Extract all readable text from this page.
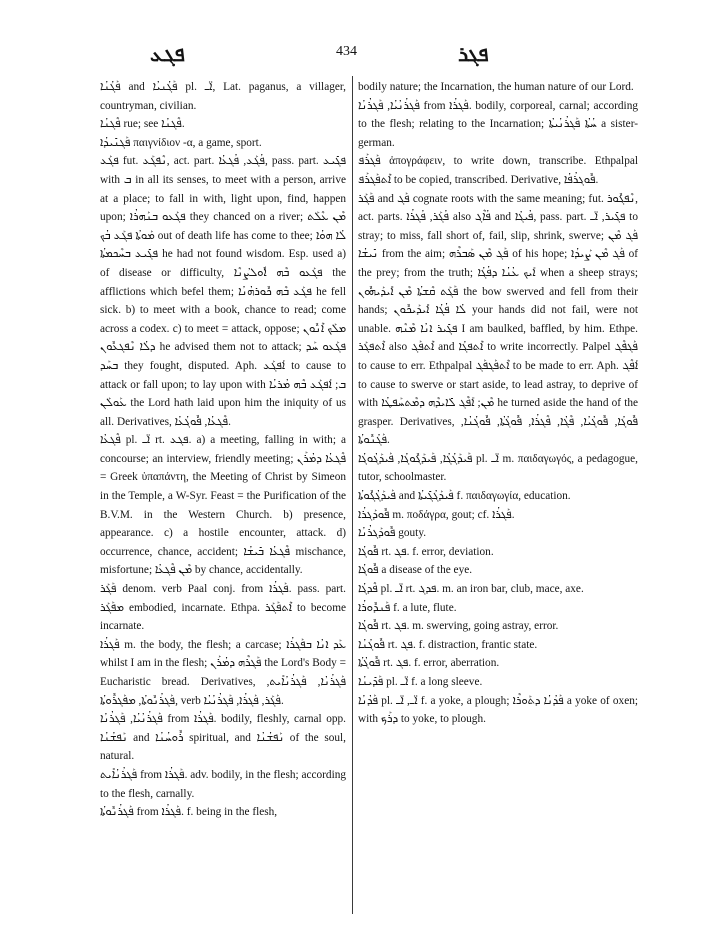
ܦܓܥ	434	ܦܓܪ

ܦܰܓܳܢܳܐ and ܦܰܓܳܢܝܳܐ pl. ܐ̈ـ, Lat. paganus, a villager, countryman, civilian.

ܦܶܓܢܳܐ rue; see ܦܶܓܢܳܐ.

ܦܰܓܢܺܝܕܳܐ παιγνίδιον -α, a game, sport.

ܦܓܰܥ fut. ܢܶܦܓܰܥ, act. part. ܦܳܓܰܥ, ܦܳܓܥܳܐ, pass. part. ܦܓܺܝܥ with ܒ in all its senses, to meet with a person, arrive at a place; to fall in with, light upon, find, happen upon; ܦܓܰܥܘ ܒܢܰܗܪܳܐ they chanced on a river; ܡܶܢ ܥܶܠܰܬ ܡܰܘܬܳܐ ܦܓܰܥ ܒܳܟ out of death life has come to thee; ܠܳܐ ܗܘܳܐ ܦܓܺܝܥ ܒܚܶܟܡܬܳܐ he had not found wisdom. Esp. used a) of disease or difficulty, ܦܓܰܥܘ ܒܶܗ ܐܽܘܠܨܳܢܶܐ the afflictions which befel them; ܦܓܰܥ ܒܶܗ ܟܽܘܪܗܳܢܳܐ he fell sick. b) to meet with a book, chance to read; come across a codex. c) to meet = attack, oppose; ܡܠܰܟ ܐܶܢܽܘܢ ܕܠܳܐ ܢܶܦܓܥܽܘܢ he advised them not to attack; ܦܓܰܥܘ ܚܰܕ ܒܚܰܕ they fought, disputed. Aph. ܐܰܦܓܰܥ to cause to attack or fall upon; to lay upon with ܒ; ܐܰܦܓܰܥ ܒܶܗ ܡܳܪܝܳܐ ܥܰܘܠܰܢ the Lord hath laid upon him the iniquity of us all. Derivatives, ܦܶܓܥܳܐ, ܦܽܘܓܳܥܳܐ.

ܦܶܓܥܳܐ pl. ܐ̈ـ rt. ܦܓܥ. a) a meeting, falling in with; a concourse; an interview, friendly meeting; ܦܶܓܥܳܐ ܕܡܳܪܰܢ = Greek ὑπαπάντη, the Meeting of Christ by Simeon in the Temple, a W-Syr. Feast = the Purification of the B.V.M. in the Western Church. b) presence, appearance. c) a hostile encounter, attack. d) occurrence, chance, accident; ܦܶܓܥܳܐ ܒܺܝܫܳܐ mischance, misfortune; ܡܶܢ ܦܶܓܥܳܐ by chance, accidentally.

ܦܰܓܰܪ denom. verb Paal conj. from ܦܰܓܪܳܐ. pass. part. ܡܦܰܓܰܪ embodied, incarnate. Ethpa. ܐܶܬܦܰܓܰܪ to become incarnate.

ܦܰܓܪܳܐ m. the body, the flesh; a carcase; ܥܰܕ ܐܢܳܐ ܒܦܰܓܪܳܐ whilst I am in the flesh; ܦܰܓܪܶܗ ܕܡܳܪܰܢ the Lord's Body = Eucharistic bread. Derivatives, ܦܰܓܪܳܢܳܐ, ܦܰܓܪܳܢܳܐܺܝܬ, ܦܰܓܪܳܢܽܘܬܳܐ, ܡܦܰܓܪܽܘܬܳܐ, verb ܦܰܓܰܪ, ܦܰܓܪܳܐ, ܦܰܓܪܳܢܳܝܳܐ.

ܦܰܓܪܳܢܳܝܳܐ, ܦܰܓܪܳܢܳܐ from ܦܰܓܪܳܐ. bodily, fleshly, carnal opp. ܢܰܦܫܳܢܳܐ and ܪܽܘܚܳܢܳܐ spiritual, and ܢܰܦܫܳܢܳܐ of the soul, natural.

ܦܰܓܪܳܢܳܐܺܝܬ from ܦܰܓܪܳܐ. adv. bodily, in the flesh; according to the flesh, carnally.

ܦܰܓܪܳܢܽܘܬܳܐ from ܦܰܓܪܳܐ. f. being in the flesh,

bodily nature; the Incarnation, the human nature of our Lord.

ܦܰܓܪܳܢܳܝܳܐ, ܦܰܓܪܳܢܳܐ from ܦܰܓܪܳܐ. bodily, corporeal, carnal; according to the flesh; relating to the Incarnation; ܚܳܬܳܐ ܦܰܓܪܳܢܳܝܬܳܐ a sister-german.

ܦܰܓܪܰܦ ἀπογράφειν, to write down, transcribe. Ethpalpal ܐܶܬܦܰܓܪܰܦ to be copied, transcribed. Derivative, ܦܽܘܓܪܳܦܳܐ.

ܦܰܓܰܪ and ܦܰܓ cognate roots with the same meaning; fut. ܢܶܦܓܽܘܪ, act. parts. ܦܳܓܰܪ, ܦܳܓܪܳܐ also ܦܳܐܶܓ and ܦܳܝܓܳܐ, pass. part. ܦܓܺܝܪ, ܐ̈ـ to stray; to miss, fall short of, fail, slip, shrink, swerve; ܦܰܓ ܡܶܢ ܢܺܝܫܳܐ from the aim; ܦܰܓ ܡܶܢ ܣܰܒܪܶܗ of his hope; ܦܰܓ ܡܶܢ ܨܰܝܕܳܐ of the prey; from the truth; ܐܰܝܟ ܥܳܢܳܐ ܕܦܳܓܳܐ when a sheep strays; ܦܰܓܰܬ ܩܶܫܬܳܐ ܡܶܢ ܐܺܝܕܰܝܗܽܘܢ the bow swerved and fell from their hands; ܠܳܐ ܦܳܓܳܐ ܐܺܝܕܰܝܟܽܘܢ your hands did not fail, were not unable. ܦܓܺܝܪ ܐܢܳܐ ܡܶܢܶܗ I am baulked, baffled, by him. Ethpe. ܐܶܬܦܓܰܪ also ܐܶܬܦܰܓ and ܐܶܬܦܓܳܐ to write incorrectly. Palpel ܦܰܓܦܶܓ to cause to err. Ethpalpal ܐܶܬܦܰܓܦܰܓ to be made to err. Aph. ܐܰܦܶܓ to cause to swerve or start aside, to lead astray, to deprive of with ܡܶܢ; ܐܰܦܶܓ ܠܺܐܝܕܶܗ ܕܡܶܬܚܰܦܛܳܐ he turned aside the hand of the grasper. Derivatives, ܦܽܘܓܳܐ, ܦܽܘܓܳܝܳܐ, ܦܶܓܳܐ, ܦܶܓܪܳܐ, ܦܽܘܓܳܬܳܐ, ܦܽܘܓܳܢܳܐ, ܦܰܓܳܢܽܘܬܳܐ.

ܦܰܝܕܰܓܳܓܳܐ, ܦܰܝܕܰܓܽܘܓܳܐ, ܦܰܝܕܰܓܳܘܓܳܐ pl. ܐ̈ـ m. παιδαγωγός, a pedagogue, tutor, schoolmaster.

ܦܰܝܕܰܓܳܓܽܘܬܳܐ and ܦܰܝܕܰܓܳܓܺܝܬܳܐ f. παιδαγωγία, education.

ܦܽܘܕܰܓܪܳܐ m. ποδάγρα, gout; cf. ܦܰܓܪܳܐ.

ܦܽܘܕܰܓܪܳܢܳܐ gouty.

ܦܽܘܓܳܐ rt. ܦܓ. f. error, deviation.

ܦܽܘܓܳܐ a disease of the eye.

ܦܶܕܓܳܐ pl. ܐ̈ـ rt. ܦܕܓ. m. an iron bar, club, mace, axe.

ܦܰܢܕܽܘܪܳܐ f. a lute, flute.

ܦܽܘܓܳܐ rt. ܦܓ. m. swerving, going astray, error.

ܦܽܘܓܳܢܳܐ rt. ܦܓ. f. distraction, frantic state.

ܦܽܘܓܳܬܳܐ rt. ܦܓ. f. error, aberration.

ܦܰܕܺܝܢܳܐ pl. ܐ̈ـ f. a long sleeve.

ܦܰܕܳܢܳܐ pl. ܐ̈ـ, ܐ̈ـ f. a yoke, a plough; ܦܰܕܳܢܳܐ ܕܬܰܘܪܶܐ a yoke of oxen; with ܕܪܰܟ to yoke, to plough.
